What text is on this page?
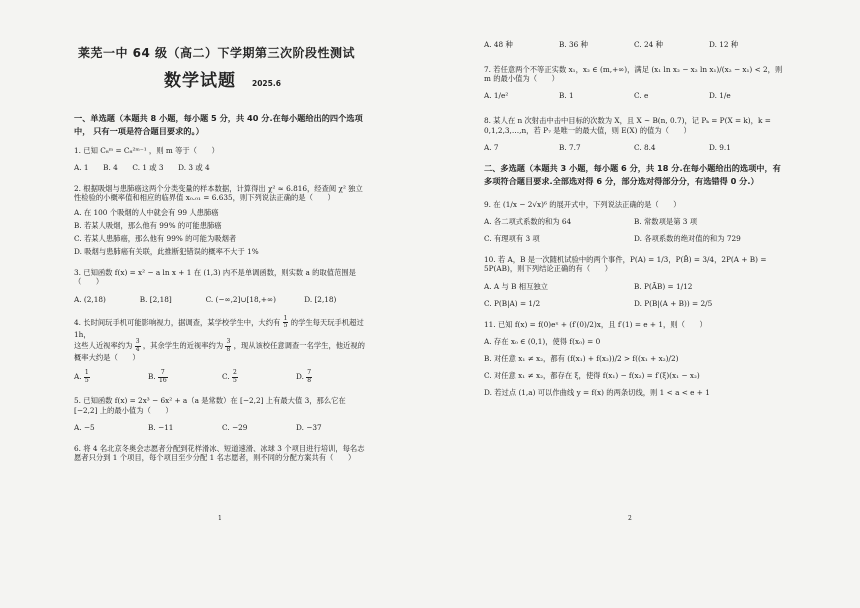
莱芜一中 64 级（高二）下学期第三次阶段性测试
数学试题 2025.6
一、单选题（本题共 8 小题，每小题 5 分，共 40 分.在每小题给出的四个选项中， 只有一项是符合题目要求的。）
1. 已知 C₈ᵐ = C₈²ᵐ⁻¹ ，则 m 等于（　　）
A. 1　　B. 4　　C. 1 或 3　　D. 3 或 4
2. 根据吸烟与患肺癌这两个分类变量的样本数据，计算得出 χ² ≈ 6.816，经查阅 χ² 独立性检验的小概率值和相应的临界值 x₀.₀₁ = 6.635，则下列说法正确的是（　　）
A. 在 100 个吸烟的人中就会有 99 人患肺癌
B. 若某人吸烟，那么他有 99% 的可能患肺癌
C. 若某人患肺癌，那么他有 99% 的可能为吸烟者
D. 吸烟与患肺癌有关联，此推断犯错误的概率不大于 1%
3. 已知函数 f(x) = x² − a ln x + 1 在 (1,3) 内不是单调函数，则实数 a 的取值范围是（　　）
A. (2,18)	B. [2,18]	C. (−∞,2]∪[18,+∞)	D. [2,18)
4. 长时间玩手机可能影响视力，据调查，某学校学生中，大约有 $\frac{1}{5}$ 的学生每天玩手机超过 1h，
这些人近视率约为 $\frac{3}{4}$ ，其余学生的近视率约为 $\frac{3}{8}$ ，现从该校任意调查一名学生，他近视的
概率大约是（　　）
A. $\frac{1}{5}$	B. $\frac{7}{16}$	C. $\frac{2}{5}$	D. $\frac{7}{8}$
5. 已知函数 f(x) = 2x³ − 6x² + a（a 是常数）在 [−2,2] 上有最大值 3，那么它在 [−2,2] 上的最小值为（　　）
A. −5	B. −11	C. −29	D. −37
6. 将 4 名北京冬奥会志愿者分配到花样滑冰、短道速滑、冰球 3 个项目进行培训，每名志愿者只分到 1 个项目，每个项目至少分配 1 名志愿者，则不同的分配方案共有（　　）
1
A. 48 种	B. 36 种	C. 24 种	D. 12 种
7. 若任意两个不等正实数 x₁，x₂ ∈ (m,+∞)，满足 (x₁ ln x₂ − x₂ ln x₁)/(x₂ − x₁) < 2，则 m 的最小值为（　　）
A. 1/e²	B. 1	C. e	D. 1/e
8. 某人在 n 次射击中击中目标的次数为 X，且 X ~ B(n, 0.7)，记 Pₖ = P(X = k)，k = 0,1,2,3,…,n，若 P₇ 是唯一的最大值，则 E(X) 的值为（　　）
A. 7	B. 7.7	C. 8.4	D. 9.1
二、多选题（本题共 3 小题，每小题 6 分，共 18 分.在每小题给出的选项中，有多项符合题目要求.全部选对得 6 分，部分选对得部分分，有选错得 0 分.）
9. 在 (1/x − 2√x)⁶ 的展开式中，下列说法正确的是（　　）
A. 各二项式系数的和为 64	B. 常数项是第 3 项
C. 有理项有 3 项	D. 各项系数的绝对值的和为 729
10. 若 A，B 是一次随机试验中的两个事件，P(A) = 1/3，P(B̄) = 3/4，2P(A + B) = 5P(AB)，则下列结论正确的有（　　）
A. A 与 B 相互独立	B. P(ĀB) = 1/12
C. P(B|A) = 1/2	D. P(B|(A + B)) = 2/5
11. 已知 f(x) = f(0)eˣ + (f′(0)/2)x，且 f′(1) = e + 1，则（　　）
A. 存在 x₀ ∈ (0,1)，使得 f(x₀) = 0
B. 对任意 x₁ ≠ x₂，都有 (f(x₁) + f(x₂))/2 > f((x₁ + x₂)/2)
C. 对任意 x₁ ≠ x₂，都存在 ξ，使得 f(x₁) − f(x₂) = f′(ξ)(x₁ − x₂)
D. 若过点 (1,a) 可以作曲线 y = f(x) 的两条切线，则 1 < a < e + 1
2
